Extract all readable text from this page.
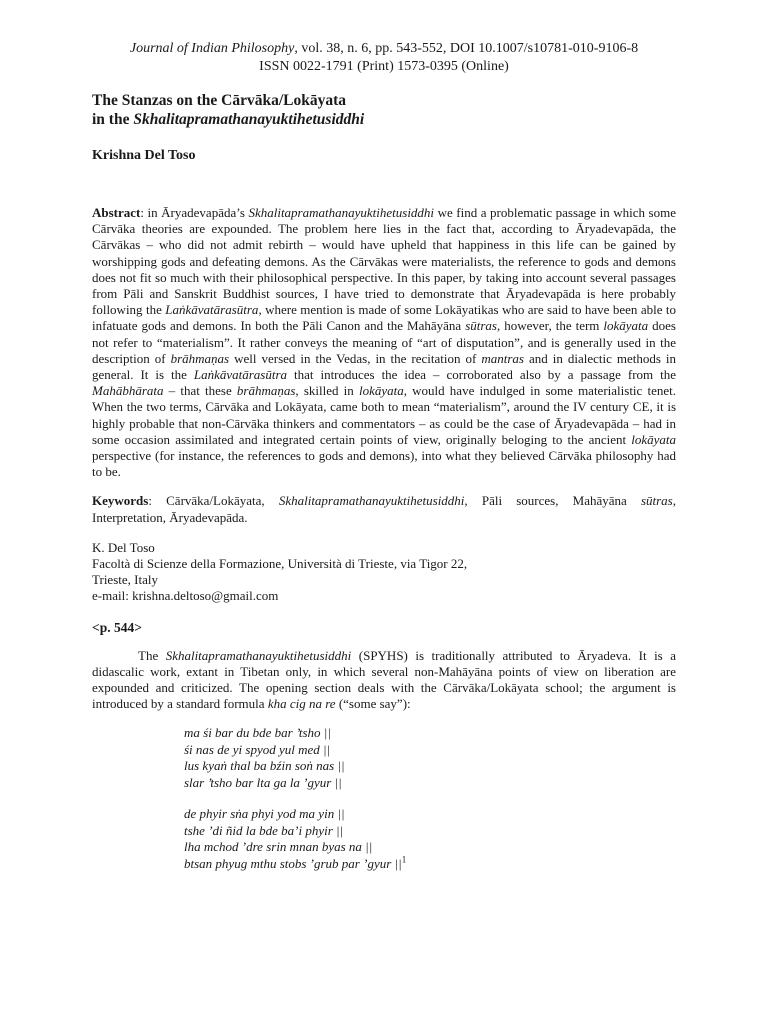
Journal of Indian Philosophy, vol. 38, n. 6, pp. 543-552, DOI 10.1007/s10781-010-9106-8
ISSN 0022-1791 (Print) 1573-0395 (Online)
The Stanzas on the Cārvāka/Lokāyata
in the Skhalitapramathanayuktihetusiddhi
Krishna Del Toso
Abstract: in Āryadevapāda’s Skhalitapramathanayuktihetusiddhi we find a problematic passage in which some Cārvāka theories are expounded. The problem here lies in the fact that, according to Āryadevapāda, the Cārvākas – who did not admit rebirth – would have upheld that happiness in this life can be gained by worshipping gods and defeating demons. As the Cārvākas were materialists, the reference to gods and demons does not fit so much with their philosophical perspective. In this paper, by taking into account several passages from Pāli and Sanskrit Buddhist sources, I have tried to demonstrate that Āryadevapāda is here probably following the Laṅkāvatārasūtra, where mention is made of some Lokāyatikas who are said to have been able to infatuate gods and demons. In both the Pāli Canon and the Mahāyāna sūtras, however, the term lokāyata does not refer to “materialism”. It rather conveys the meaning of “art of disputation”, and is generally used in the description of brāhmaṇas well versed in the Vedas, in the recitation of mantras and in dialectic methods in general. It is the Laṅkāvatārasūtra that introduces the idea – corroborated also by a passage from the Mahābhārata – that these brāhmaṇas, skilled in lokāyata, would have indulged in some materialistic tenet. When the two terms, Cārvāka and Lokāyata, came both to mean “materialism”, around the IV century CE, it is highly probable that non-Cārvāka thinkers and commentators – as could be the case of Āryadevapāda – had in some occasion assimilated and integrated certain points of view, originally beloging to the ancient lokāyata perspective (for instance, the references to gods and demons), into what they believed Cārvāka philosophy had to be.
Keywords: Cārvāka/Lokāyata, Skhalitapramathanayuktihetusiddhi, Pāli sources, Mahāyāna sūtras, Interpretation, Āryadevapāda.
K. Del Toso
Facoltà di Scienze della Formazione, Università di Trieste, via Tigor 22,
Trieste, Italy
e-mail: krishna.deltoso@gmail.com
<p. 544>
The Skhalitapramathanayuktihetusiddhi (SPYHS) is traditionally attributed to Āryadeva. It is a didascalic work, extant in Tibetan only, in which several non-Mahāyāna points of view on liberation are expounded and criticized. The opening section deals with the Cārvāka/Lokāyata school; the argument is introduced by a standard formula kha cig na re (“some say”):
ma śi bar du bde bar ’tsho ||
śi nas de yi spyod yul med ||
lus kyaṅ thal ba bźin soṅ nas ||
slar ’tsho bar lta ga la ’gyur ||
de phyir sṅa phyi yod ma yin ||
tshe ’di ñid la bde ba’i phyir ||
lha mchod ’dre srin mnan byas na ||
btsan phyug mthu stobs ’grub par ’gyur $||^1$
